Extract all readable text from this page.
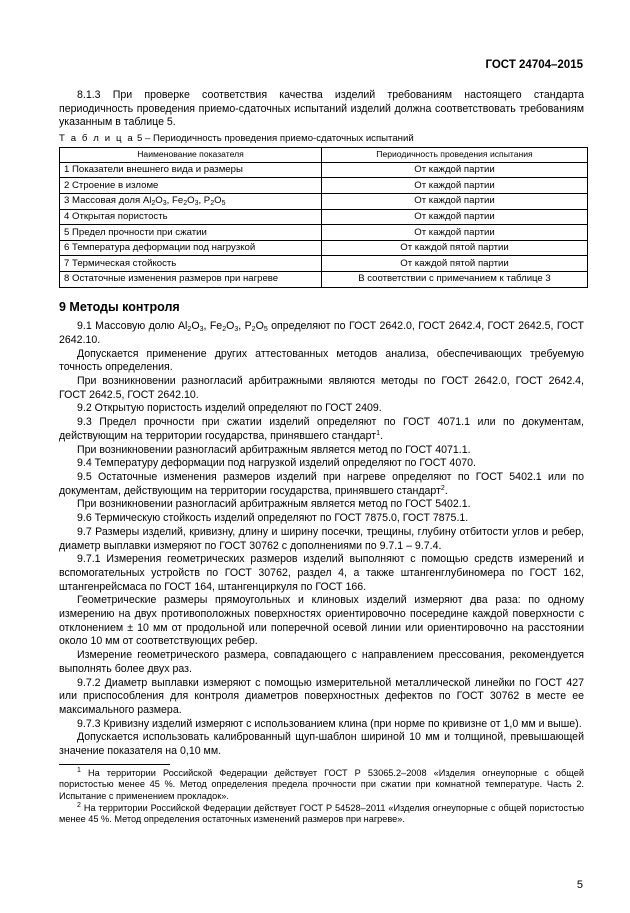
ГОСТ 24704–2015

8.1.3 При проверке соответствия качества изделий требованиям настоящего стандарта периодичность проведения приемо-сдаточных испытаний изделий должна соответствовать требованиям указанным в таблице 5.

Т а б л и ц а 5 – Периодичность проведения приемо-сдаточных испытаний

Наименование показателя	Периодичность проведения испытания
1 Показатели внешнего вида и размеры	От каждой партии
2 Строение в изломе	От каждой партии
3 Массовая доля $Al_2O_3$, $Fe_2O_3$, $P_2O_5$	От каждой партии
4 Открытая пористость	От каждой партии
5 Предел прочности при сжатии	От каждой партии
6 Температура деформации под нагрузкой	От каждой пятой партии
7 Термическая стойкость	От каждой пятой партии
8 Остаточные изменения размеров при нагреве	В соответствии с примечанием к таблице 3
9 Методы контроля

9.1 Массовую долю $Al_2O_3$, $Fe_2O_3$, $P_2O_5$ определяют по ГОСТ 2642.0, ГОСТ 2642.4, ГОСТ 2642.5, ГОСТ 2642.10.

Допускается применение других аттестованных методов анализа, обеспечивающих требуемую точность определения.

При возникновении разногласий арбитражными являются методы по ГОСТ 2642.0, ГОСТ 2642.4, ГОСТ 2642.5, ГОСТ 2642.10.

9.2 Открытую пористость изделий определяют по ГОСТ 2409.

9.3 Предел прочности при сжатии изделий определяют по ГОСТ 4071.1 или по документам, действующим на территории государства, принявшего стандарт$^1$.

При возникновении разногласий арбитражным является метод по ГОСТ 4071.1.

9.4 Температуру деформации под нагрузкой изделий определяют по ГОСТ 4070.

9.5 Остаточные изменения размеров изделий при нагреве определяют по ГОСТ 5402.1 или по документам, действующим на территории государства, принявшего стандарт$^2$.

При возникновении разногласий арбитражным является метод по ГОСТ 5402.1.

9.6 Термическую стойкость изделий определяют по ГОСТ 7875.0, ГОСТ 7875.1.

9.7 Размеры изделий, кривизну, длину и ширину посечки, трещины, глубину отбитости углов и ребер, диаметр выплавки измеряют по ГОСТ 30762 с дополнениями по 9.7.1 – 9.7.4.

9.7.1 Измерения геометрических размеров изделий выполняют с помощью средств измерений и вспомогательных устройств по ГОСТ 30762, раздел 4, а также штангенглубиномера по ГОСТ 162, штангенрейсмаса по ГОСТ 164, штангенциркуля по ГОСТ 166.

Геометрические размеры прямоугольных и клиновых изделий измеряют два раза: по одному измерению на двух противоположных поверхностях ориентировочно посередине каждой поверхности с отклонением ± 10 мм от продольной или поперечной осевой линии или ориентировочно на расстоянии около 10 мм от соответствующих ребер.

Измерение геометрического размера, совпадающего с направлением прессования, рекомендуется выполнять более двух раз.

9.7.2 Диаметр выплавки измеряют с помощью измерительной металлической линейки по ГОСТ 427 или приспособления для контроля диаметров поверхностных дефектов по ГОСТ 30762 в месте ее максимального размера.

9.7.3 Кривизну изделий измеряют с использованием клина (при норме по кривизне от 1,0 мм и выше).

Допускается использовать калиброванный щуп-шаблон шириной 10 мм и толщиной, превышающей значение показателя на 0,10 мм.

$^1$ На территории Российской Федерации действует ГОСТ Р 53065.2–2008 «Изделия огнеупорные с общей пористостью менее 45 %. Метод определения предела прочности при сжатии при комнатной температуре. Часть 2. Испытание с применением прокладок».

$^2$ На территории Российской Федерации действует ГОСТ Р 54528–2011 «Изделия огнеупорные с общей пористостью менее 45 %. Метод определения остаточных изменений размеров при нагреве».

5
